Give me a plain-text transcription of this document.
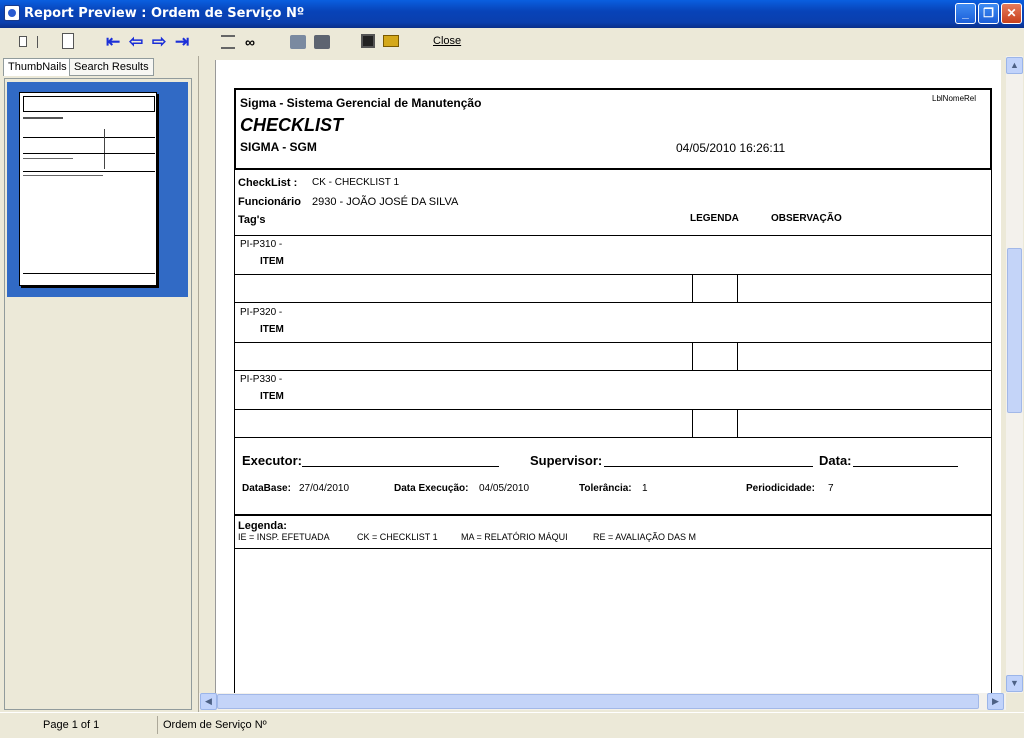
Report Preview : Ordem de Serviço Nº	_	❐	✕
⇤ ⇦ ⇨ ⇥	∞	Close
ThumbNails Search Results
Sigma - Sistema Gerencial de Manutenção
CHECKLIST
SIGMA - SGM	04/05/2010 16:26:11
LblNomeRel
CheckList : CK - CHECKLIST 1
Funcionário 2930 - JOÃO JOSÉ DA SILVA
Tag's	LEGENDA	OBSERVAÇÃO
PI-P310 -
ITEM
PI-P320 -
ITEM
PI-P330 -
ITEM
Executor:	Supervisor:	Data:
DataBase: 27/04/2010	Data Execução: 04/05/2010	Tolerância: 1	Periodicidade: 7
Legenda:
IE = INSP. EFETUADA	CK = CHECKLIST 1	MA = RELATÓRIO MÁQUI	RE = AVALIAÇÃO DAS M
▲
▼
◀	▶
Page 1 of 1	Ordem de Serviço Nº
